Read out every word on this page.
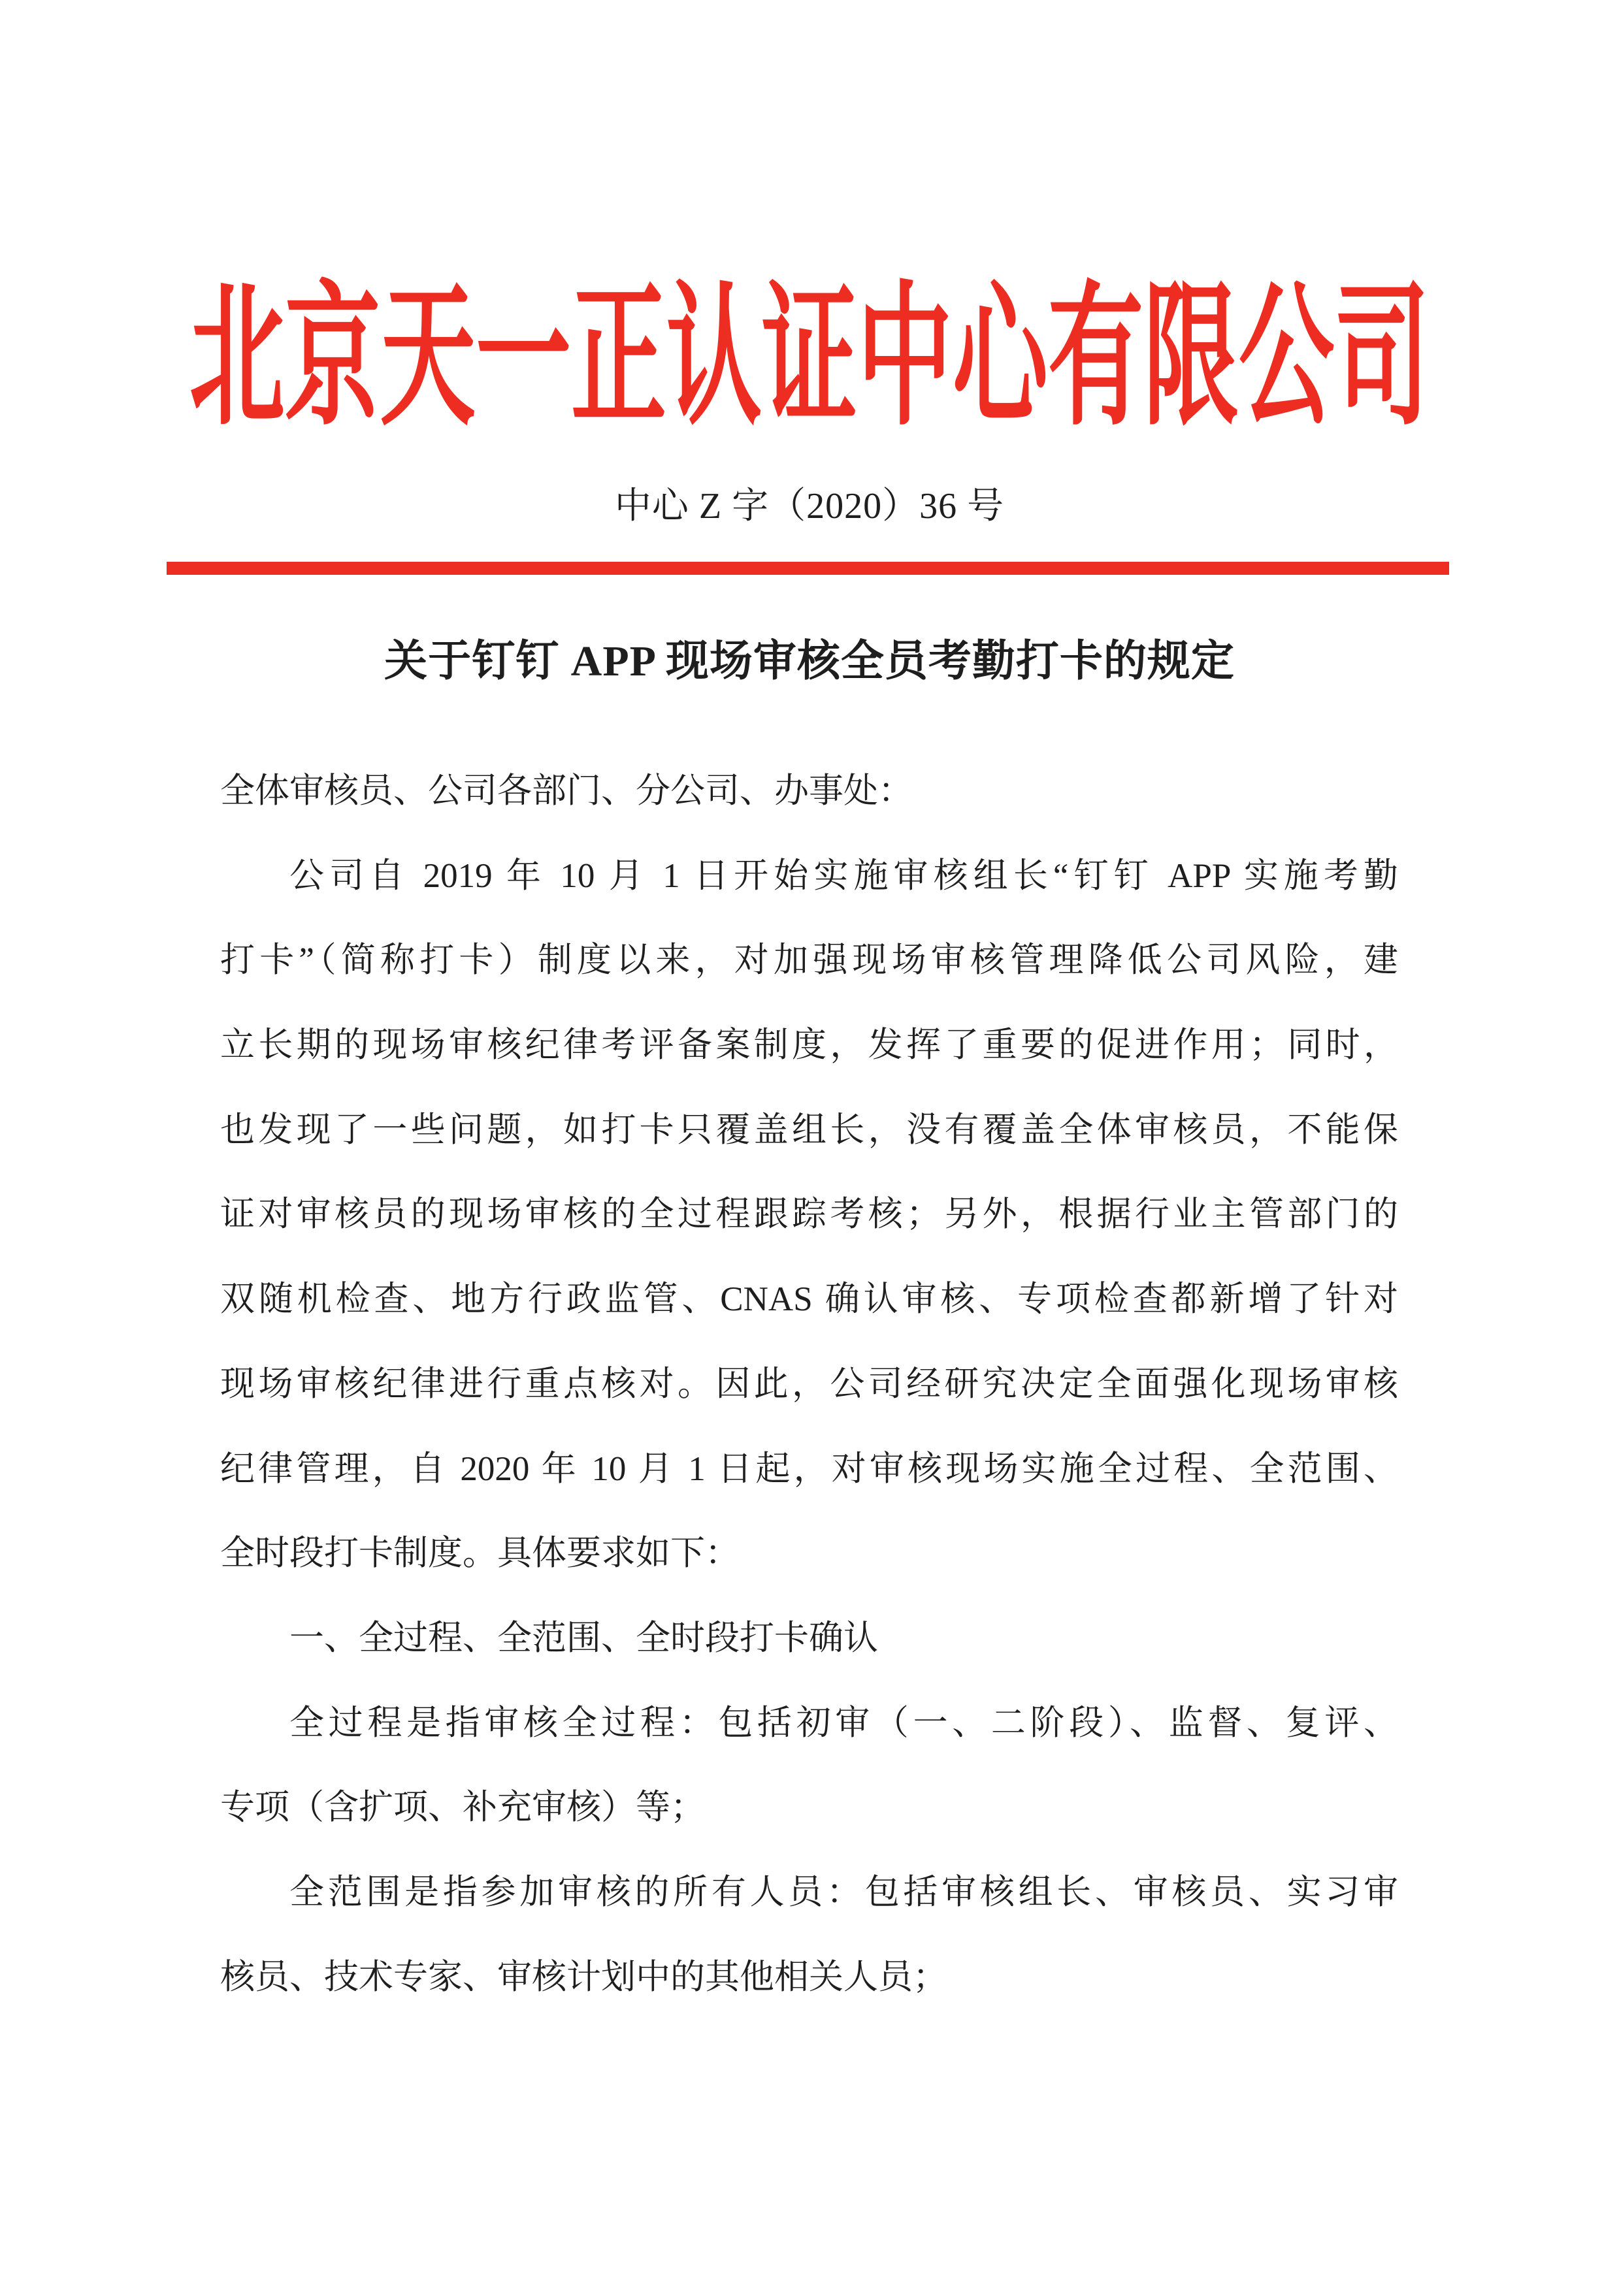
北京天一正认证中心有限公司
中心 Z 字（2020）36 号
关于钉钉 APP 现场审核全员考勤打卡的规定
全体审核员、公司各部门、分公司、办事处：
公司自 2019 年 10 月 1 日开始实施审核组长“钉钉 APP 实施考勤
打卡”（简称打卡）制度以来，对加强现场审核管理降低公司风险，建
立长期的现场审核纪律考评备案制度，发挥了重要的促进作用；同时，
也发现了一些问题，如打卡只覆盖组长，没有覆盖全体审核员，不能保
证对审核员的现场审核的全过程跟踪考核；另外，根据行业主管部门的
双随机检查、地方行政监管、CNAS 确认审核、专项检查都新增了针对
现场审核纪律进行重点核对。因此，公司经研究决定全面强化现场审核
纪律管理，自 2020 年 10 月 1 日起，对审核现场实施全过程、全范围、
全时段打卡制度。具体要求如下：
一、全过程、全范围、全时段打卡确认
全过程是指审核全过程：包括初审（一、二阶段）、监督、复评、
专项（含扩项、补充审核）等；
全范围是指参加审核的所有人员：包括审核组长、审核员、实习审
核员、技术专家、审核计划中的其他相关人员；
